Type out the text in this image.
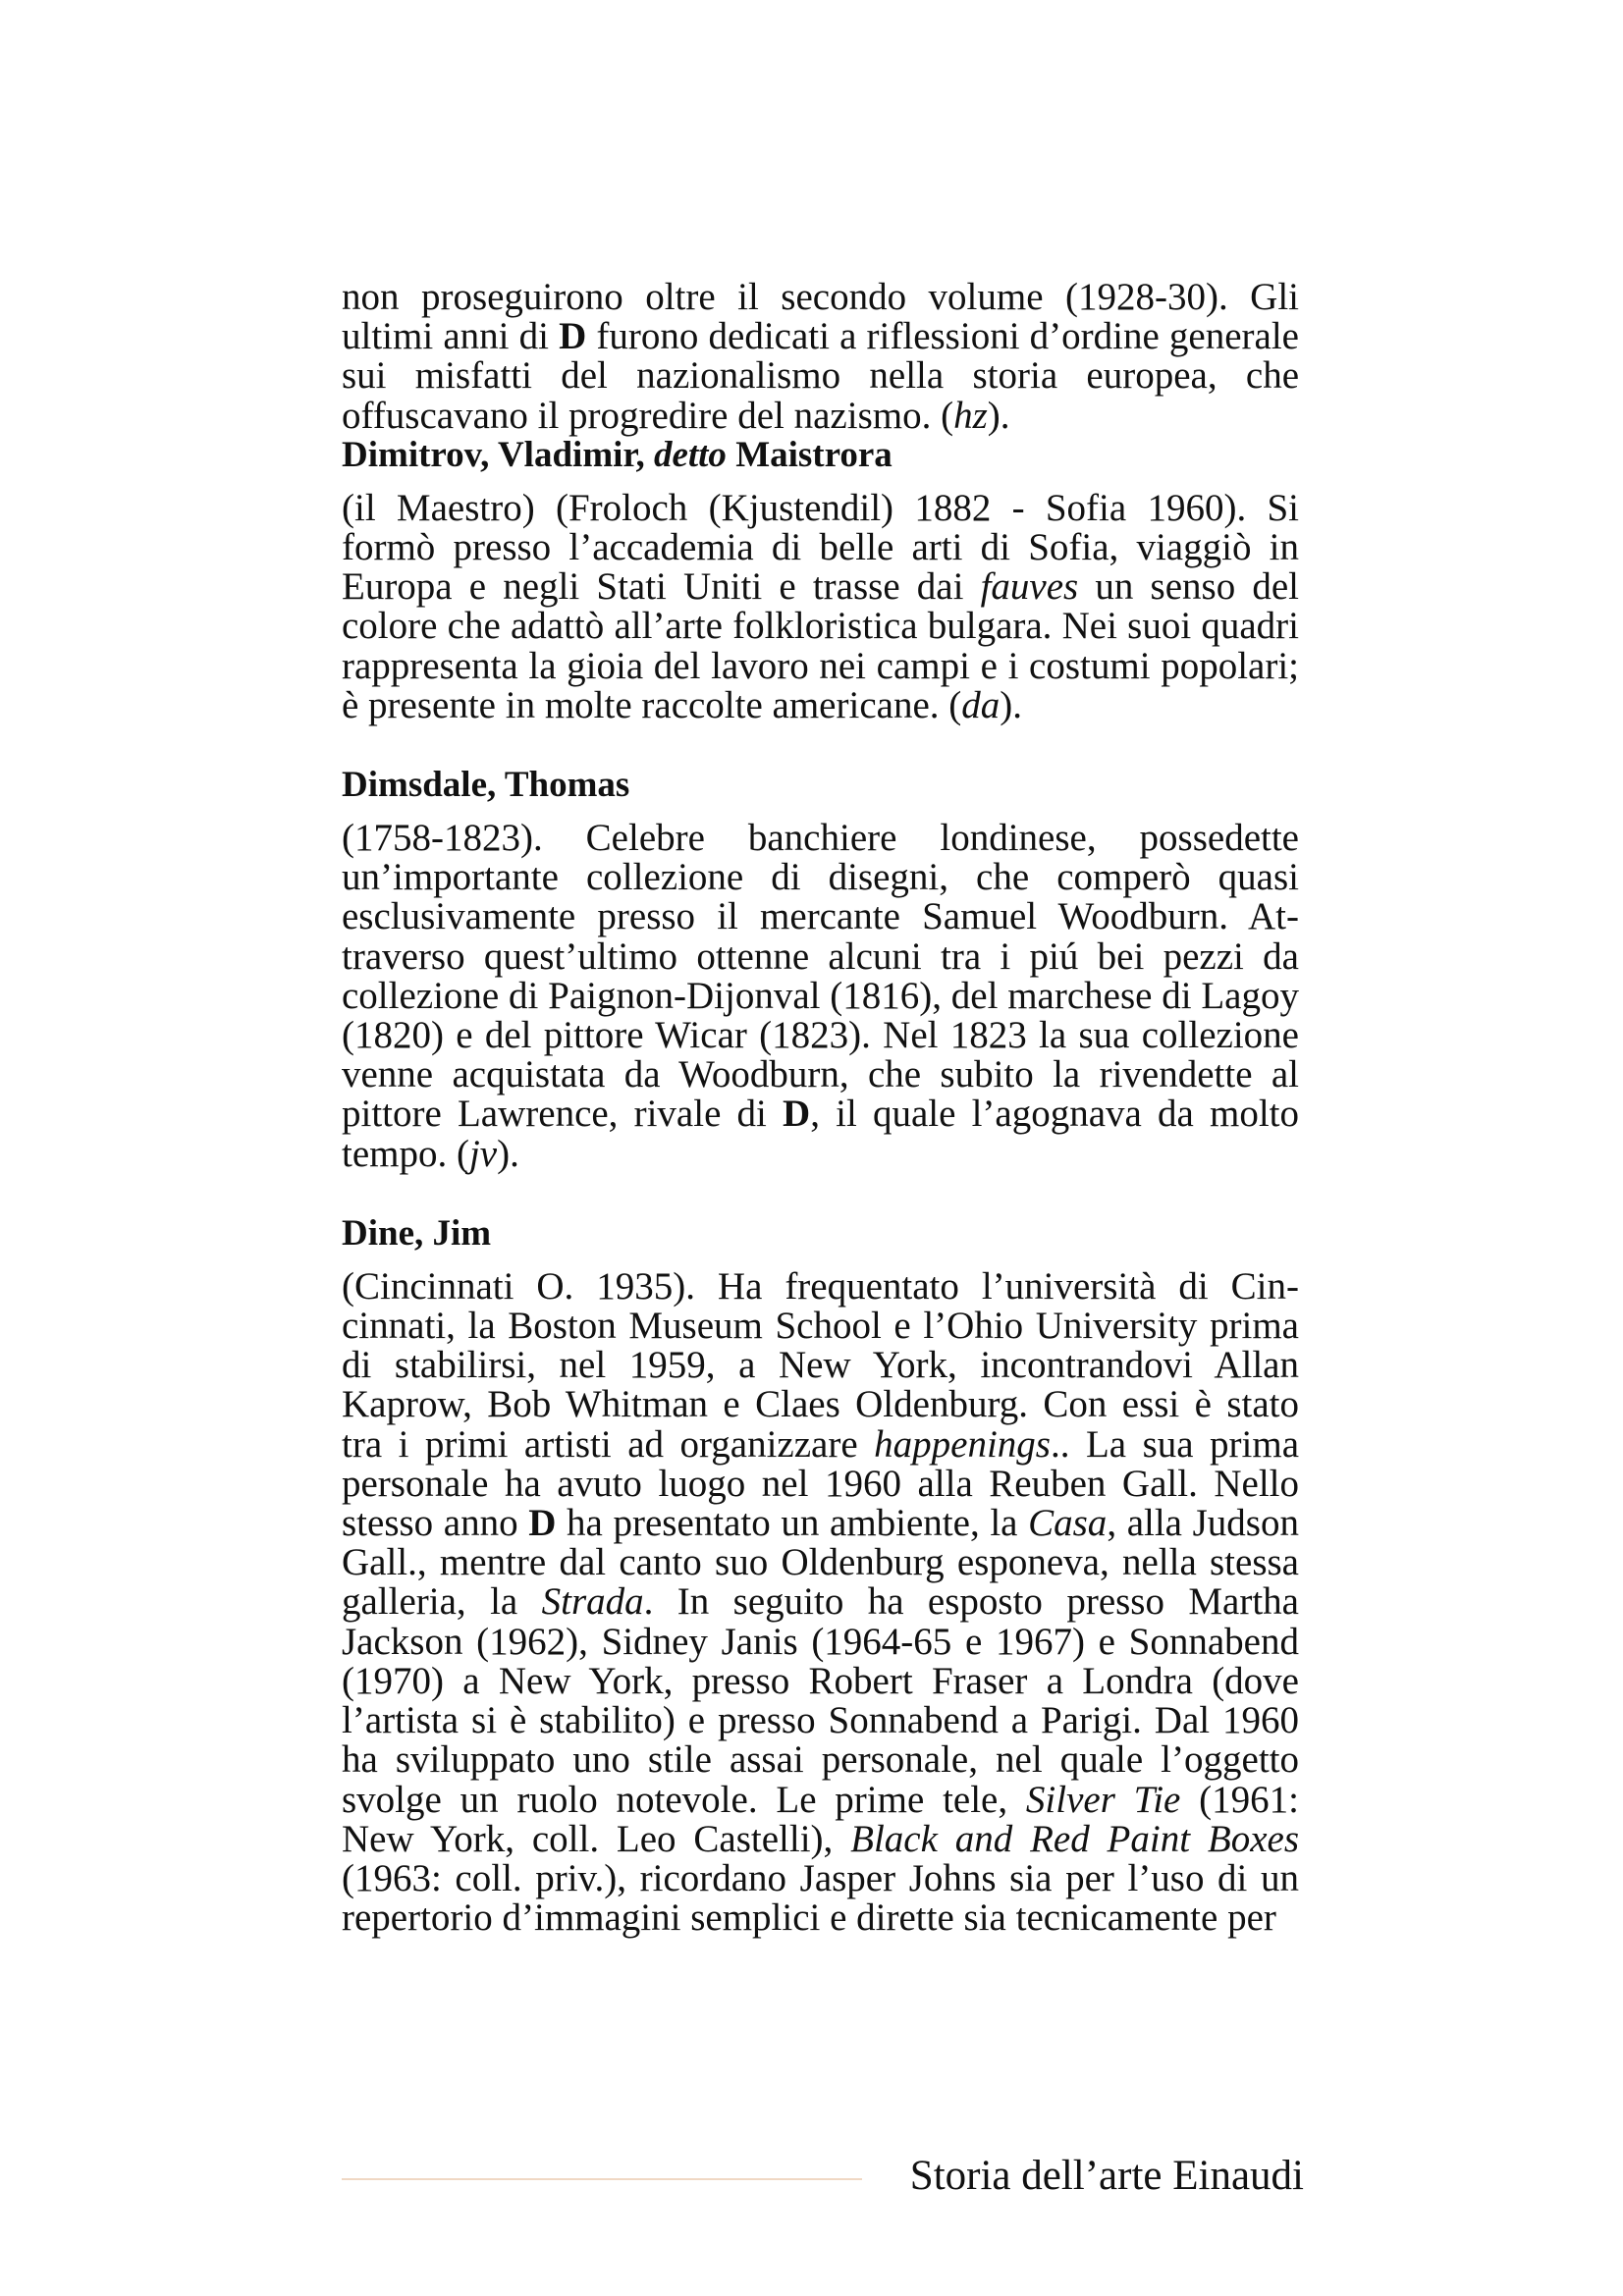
non proseguirono oltre il secondo volume (1928-30). Gli ultimi anni di D furono dedicati a riflessioni d’ordine generale sui misfatti del nazionalismo nella storia europea, che offuscavano il progredire del nazismo. (hz).

Dimitrov, Vladimir, detto Maistrora

(il Maestro) (Froloch (Kjustendil) 1882 - Sofia 1960). Si formò presso l’accademia di belle arti di Sofia, viaggiò in Europa e negli Stati Uniti e trasse dai fauves un senso del colore che adattò all’arte folkloristica bulgara. Nei suoi quadri rappresenta la gioia del lavoro nei campi e i costumi popolari; è presente in molte raccolte americane. (da).

Dimsdale, Thomas

(1758-1823). Celebre banchiere londinese, possedette un’importante collezione di disegni, che comperò quasi esclusivamente presso il mercante Samuel Woodburn. Attraverso quest’ultimo ottenne alcuni tra i piú bei pezzi da collezione di Paignon-Dijonval (1816), del marchese di Lagoy (1820) e del pittore Wicar (1823). Nel 1823 la sua collezione venne acquistata da Woodburn, che subito la rivendette al pittore Lawrence, rivale di D, il quale l’agognava da molto tempo. (jv).

Dine, Jim

(Cincinnati O. 1935). Ha frequentato l’università di Cincinnati, la Boston Museum School e l’Ohio University prima di stabilirsi, nel 1959, a New York, incontrandovi Allan Kaprow, Bob Whitman e Claes Oldenburg. Con essi è stato tra i primi artisti ad organizzare happenings.. La sua prima personale ha avuto luogo nel 1960 alla Reuben Gall. Nello stesso anno D ha presentato un ambiente, la Casa, alla Judson Gall., mentre dal canto suo Oldenburg esponeva, nella stessa galleria, la Strada. In seguito ha esposto presso Martha Jackson (1962), Sidney Janis (1964-65 e 1967) e Sonnabend (1970) a New York, presso Robert Fraser a Londra (dove l’artista si è stabilito) e presso Sonnabend a Parigi. Dal 1960 ha sviluppato uno stile assai personale, nel quale l’oggetto svolge un ruolo notevole. Le prime tele, Silver Tie (1961: New York, coll. Leo Castelli), Black and Red Paint Boxes (1963: coll. priv.), ricordano Jasper Johns sia per l’uso di un repertorio d’immagini semplici e dirette sia tecnicamente per

Storia dell’arte Einaudi
